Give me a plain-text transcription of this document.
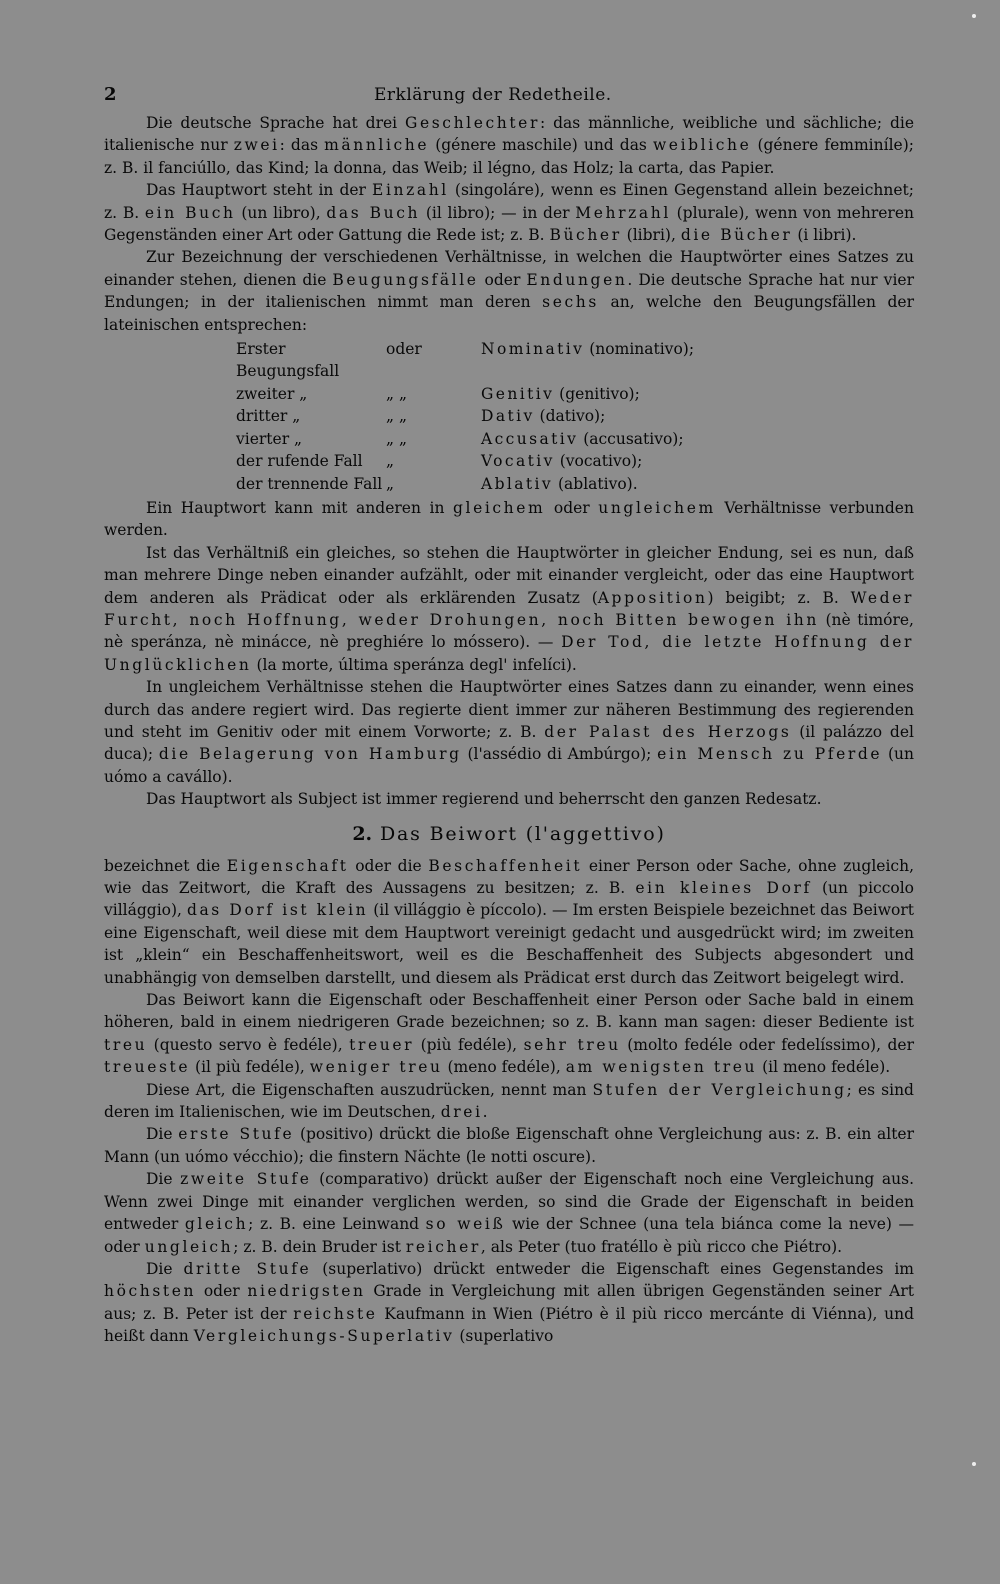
2	Erklärung der Redetheile.

Die deutsche Sprache hat drei Geschlechter: das männliche, weibliche und sächliche; die italienische nur zwei: das männliche (génere maschile) und das weibliche (génere femminíle); z. B. il fanciúllo, das Kind; la donna, das Weib; il légno, das Holz; la carta, das Papier.

Das Hauptwort steht in der Einzahl (singoláre), wenn es Einen Gegenstand allein bezeichnet; z. B. ein Buch (un libro), das Buch (il libro); — in der Mehrzahl (plurale), wenn von mehreren Gegenständen einer Art oder Gattung die Rede ist; z. B. Bücher (libri), die Bücher (i libri).

Zur Bezeichnung der verschiedenen Verhältnisse, in welchen die Hauptwörter eines Satzes zu einander stehen, dienen die Beugungsfälle oder Endungen. Die deutsche Sprache hat nur vier Endungen; in der italienischen nimmt man deren sechs an, welche den Beugungsfällen der lateinischen entsprechen:

Erster Beugungsfall	oder	Nominativ (nominativo);
zweiter „	„ „	Genitiv (genitivo);
dritter „	„ „	Dativ (dativo);
vierter „	„ „	Accusativ (accusativo);
der rufende Fall	„	Vocativ (vocativo);
der trennende Fall	„	Ablativ (ablativo).

Ein Hauptwort kann mit anderen in gleichem oder ungleichem Verhältnisse verbunden werden.

Ist das Verhältniß ein gleiches, so stehen die Hauptwörter in gleicher Endung, sei es nun, daß man mehrere Dinge neben einander aufzählt, oder mit einander vergleicht, oder das eine Hauptwort dem anderen als Prädicat oder als erklärenden Zusatz (Apposition) beigibt; z. B. Weder Furcht, noch Hoffnung, weder Drohungen, noch Bitten bewogen ihn (nè timóre, nè speránza, nè minácce, nè preghiére lo móssero). — Der Tod, die letzte Hoffnung der Unglücklichen (la morte, última speránza degl' infelíci).

In ungleichem Verhältnisse stehen die Hauptwörter eines Satzes dann zu einander, wenn eines durch das andere regiert wird. Das regierte dient immer zur näheren Bestimmung des regierenden und steht im Genitiv oder mit einem Vorworte; z. B. der Palast des Herzogs (il palázzo del duca); die Belagerung von Hamburg (l'assédio di Ambúrgo); ein Mensch zu Pferde (un uómo a cavállo).

Das Hauptwort als Subject ist immer regierend und beherrscht den ganzen Redesatz.

2. Das Beiwort (l'aggettivo)

bezeichnet die Eigenschaft oder die Beschaffenheit einer Person oder Sache, ohne zugleich, wie das Zeitwort, die Kraft des Aussagens zu besitzen; z. B. ein kleines Dorf (un piccolo villággio), das Dorf ist klein (il villággio è píccolo). — Im ersten Beispiele bezeichnet das Beiwort eine Eigenschaft, weil diese mit dem Hauptwort vereinigt gedacht und ausgedrückt wird; im zweiten ist „klein“ ein Beschaffenheitswort, weil es die Beschaffenheit des Subjects abgesondert und unabhängig von demselben darstellt, und diesem als Prädicat erst durch das Zeitwort beigelegt wird.

Das Beiwort kann die Eigenschaft oder Beschaffenheit einer Person oder Sache bald in einem höheren, bald in einem niedrigeren Grade bezeichnen; so z. B. kann man sagen: dieser Bediente ist treu (questo servo è fedéle), treuer (più fedéle), sehr treu (molto fedéle oder fedelíssimo), der treueste (il più fedéle), weniger treu (meno fedéle), am wenigsten treu (il meno fedéle).

Diese Art, die Eigenschaften auszudrücken, nennt man Stufen der Vergleichung; es sind deren im Italienischen, wie im Deutschen, drei.

Die erste Stufe (positivo) drückt die bloße Eigenschaft ohne Vergleichung aus: z. B. ein alter Mann (un uómo vécchio); die finstern Nächte (le notti oscure).

Die zweite Stufe (comparativo) drückt außer der Eigenschaft noch eine Vergleichung aus. Wenn zwei Dinge mit einander verglichen werden, so sind die Grade der Eigenschaft in beiden entweder gleich; z. B. eine Leinwand so weiß wie der Schnee (una tela biánca come la neve) — oder ungleich; z. B. dein Bruder ist reicher, als Peter (tuo fratéllo è più ricco che Piétro).

Die dritte Stufe (superlativo) drückt entweder die Eigenschaft eines Gegenstandes im höchsten oder niedrigsten Grade in Vergleichung mit allen übrigen Gegenständen seiner Art aus; z. B. Peter ist der reichste Kaufmann in Wien (Piétro è il più ricco mercánte di Viénna), und heißt dann Vergleichungs-Superlativ (superlativo
